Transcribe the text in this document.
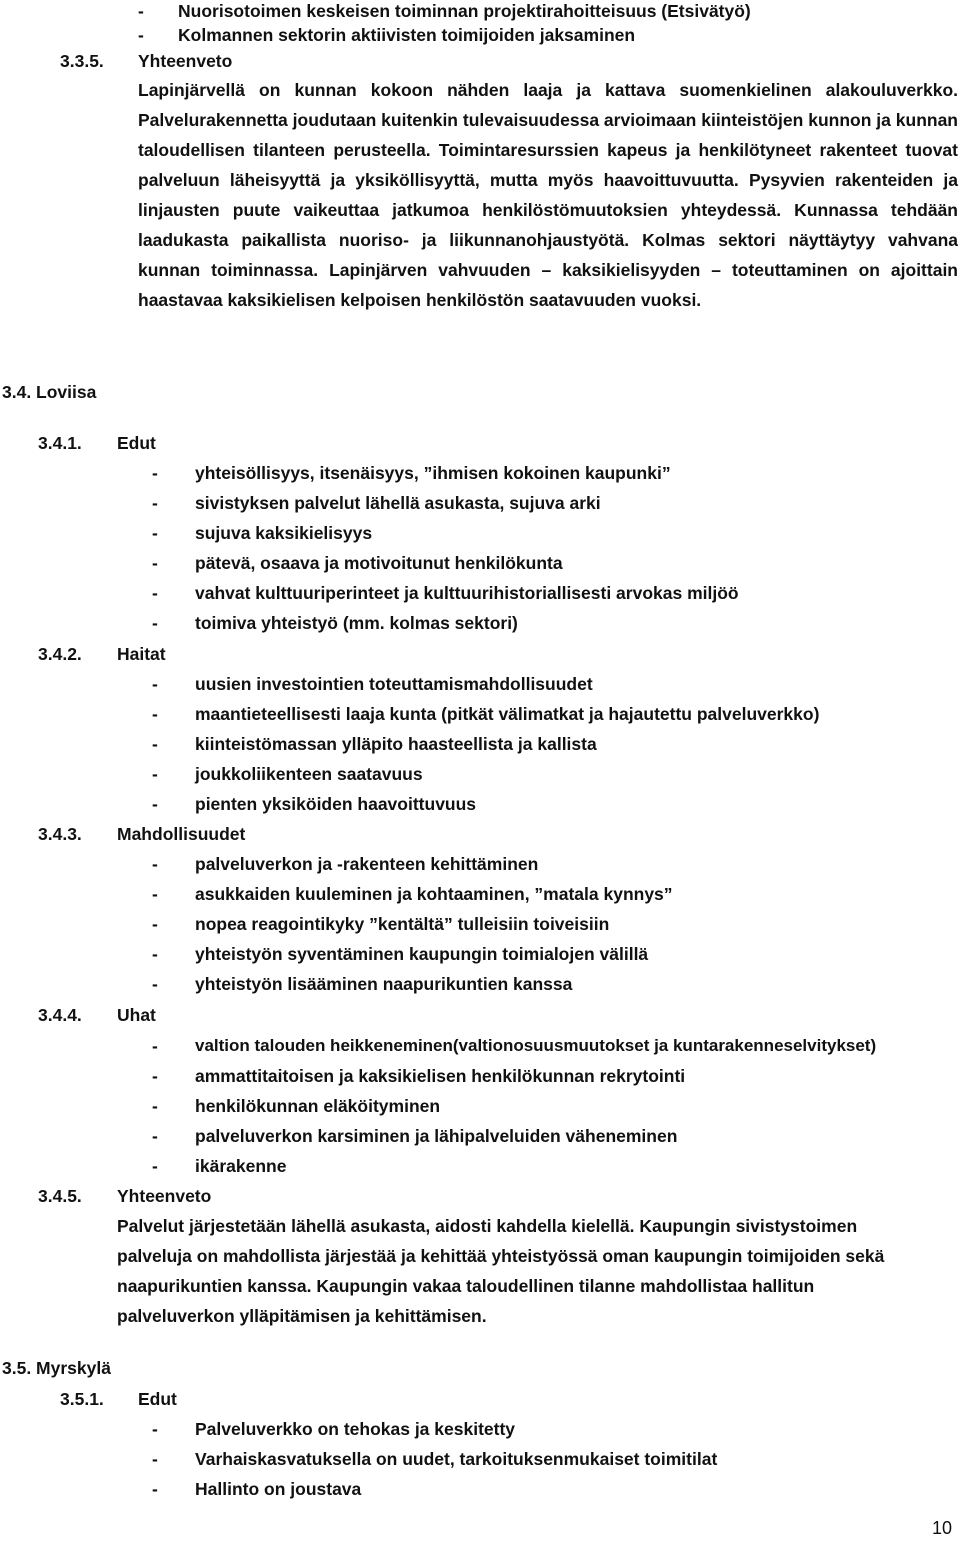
- Nuorisotoimen keskeisen toiminnan projektirahoitteisuus (Etsivätyö)
- Kolmannen sektorin aktiivisten toimijoiden jaksaminen
3.3.5. Yhteenveto
Lapinjärvellä on kunnan kokoon nähden laaja ja kattava suomenkielinen alakouluverkko. Palvelurakennetta joudutaan kuitenkin tulevaisuudessa arvioimaan kiinteistöjen kunnon ja kunnan taloudellisen tilanteen perusteella. Toimintaresurssien kapeus ja henkilötyneet rakenteet tuovat palveluun läheisyyttä ja yksiköllisyyttä, mutta myös haavoittuvuutta. Pysyvien rakenteiden ja linjausten puute vaikeuttaa jatkumoa henkilöstömuutoksien yhteydessä. Kunnassa tehdään laadukasta paikallista nuoriso- ja liikunnanohjaustyötä. Kolmas sektori näyttäytyy vahvana kunnan toiminnassa. Lapinjärven vahvuuden – kaksikielisyyden – toteuttaminen on ajoittain haastavaa kaksikielisen kelpoisen henkilöstön saatavuuden vuoksi.
3.4. Loviisa
3.4.1. Edut
- yhteisöllisyys, itsenäisyys, ”ihmisen kokoinen kaupunki”
- sivistyksen palvelut lähellä asukasta, sujuva arki
- sujuva kaksikielisyys
- pätevä, osaava ja motivoitunut henkilökunta
- vahvat kulttuuriperinteet ja kulttuurihistoriallisesti arvokas miljöö
- toimiva yhteistyö (mm. kolmas sektori)
3.4.2. Haitat
- uusien investointien toteuttamismahdollisuudet
- maantieteellisesti laaja kunta (pitkät välimatkat ja hajautettu palveluverkko)
- kiinteistömassan ylläpito haasteellista ja kallista
- joukkoliikenteen saatavuus
- pienten yksiköiden haavoittuvuus
3.4.3. Mahdollisuudet
- palveluverkon ja -rakenteen kehittäminen
- asukkaiden kuuleminen ja kohtaaminen, ”matala kynnys”
- nopea reagointikyky ”kentältä” tulleisiin toiveisiin
- yhteistyön syventäminen kaupungin toimialojen välillä
- yhteistyön lisääminen naapurikuntien kanssa
3.4.4. Uhat
- valtion talouden heikkeneminen(valtionosuusmuutokset ja kuntarakenneselvitykset)
- ammattitaitoisen ja kaksikielisen henkilökunnan rekrytointi
- henkilökunnan eläköityminen
- palveluverkon karsiminen ja lähipalveluiden väheneminen
- ikärakenne
3.4.5. Yhteenveto
Palvelut järjestetään lähellä asukasta, aidosti kahdella kielellä. Kaupungin sivistystoimen palveluja on mahdollista järjestää ja kehittää yhteistyössä oman kaupungin toimijoiden sekä naapurikuntien kanssa. Kaupungin vakaa taloudellinen tilanne mahdollistaa hallitun palveluverkon ylläpitämisen ja kehittämisen.
3.5. Myrskylä
3.5.1. Edut
- Palveluverkko on tehokas ja keskitetty
- Varhaiskasvatuksella on uudet, tarkoituksenmukaiset toimitilat
- Hallinto on joustava
10
